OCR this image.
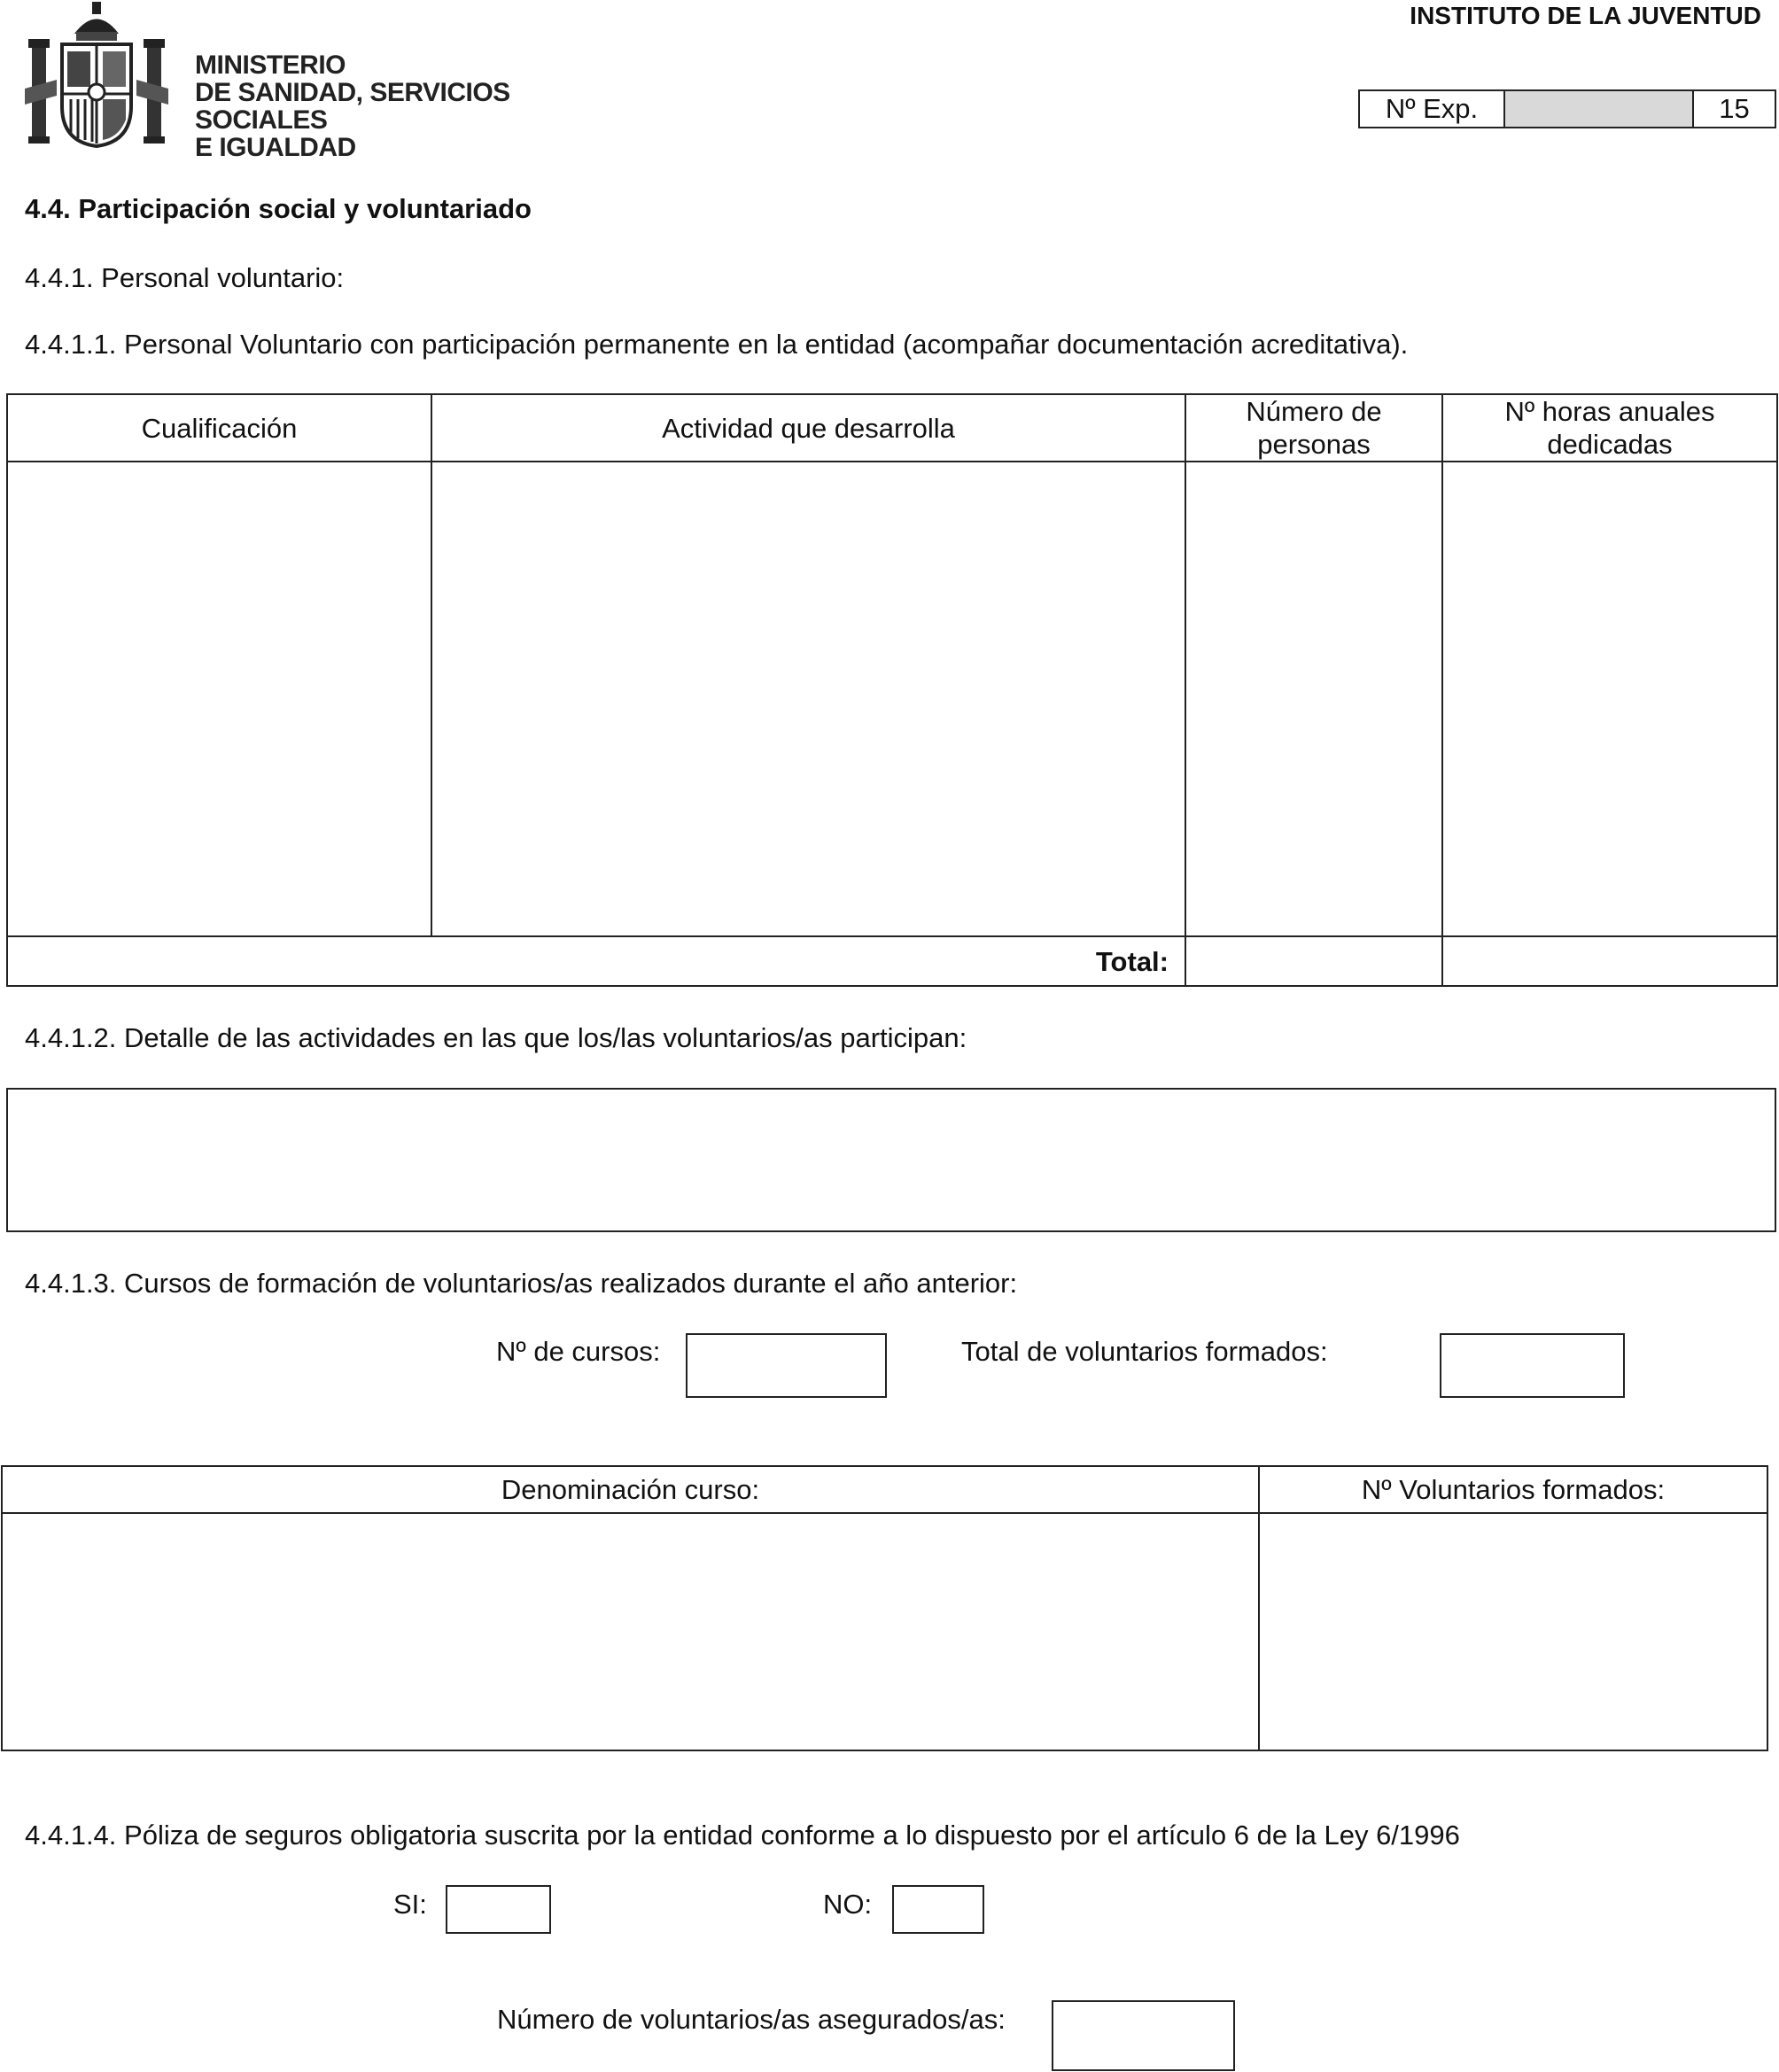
MINISTERIO
DE SANIDAD, SERVICIOS SOCIALES
E IGUALDAD
INSTITUTO DE LA JUVENTUD
Nº Exp.	15
4.4. Participación social y voluntariado
4.4.1. Personal voluntario:
4.4.1.1. Personal Voluntario con participación permanente en la entidad (acompañar documentación acreditativa).
Cualificación	Actividad que desarrolla	Número de personas	Nº horas anuales dedicadas

Total:			
4.4.1.2. Detalle de las actividades en las que los/las voluntarios/as participan:
4.4.1.3. Cursos de formación de voluntarios/as realizados durante el año anterior:
Nº de cursos:	Total de voluntarios formados:
Denominación curso:	Nº Voluntarios formados:

4.4.1.4. Póliza de seguros obligatoria suscrita por la entidad conforme a lo dispuesto por el artículo 6 de la Ley 6/1996
SI:	NO:
Número de voluntarios/as asegurados/as:
